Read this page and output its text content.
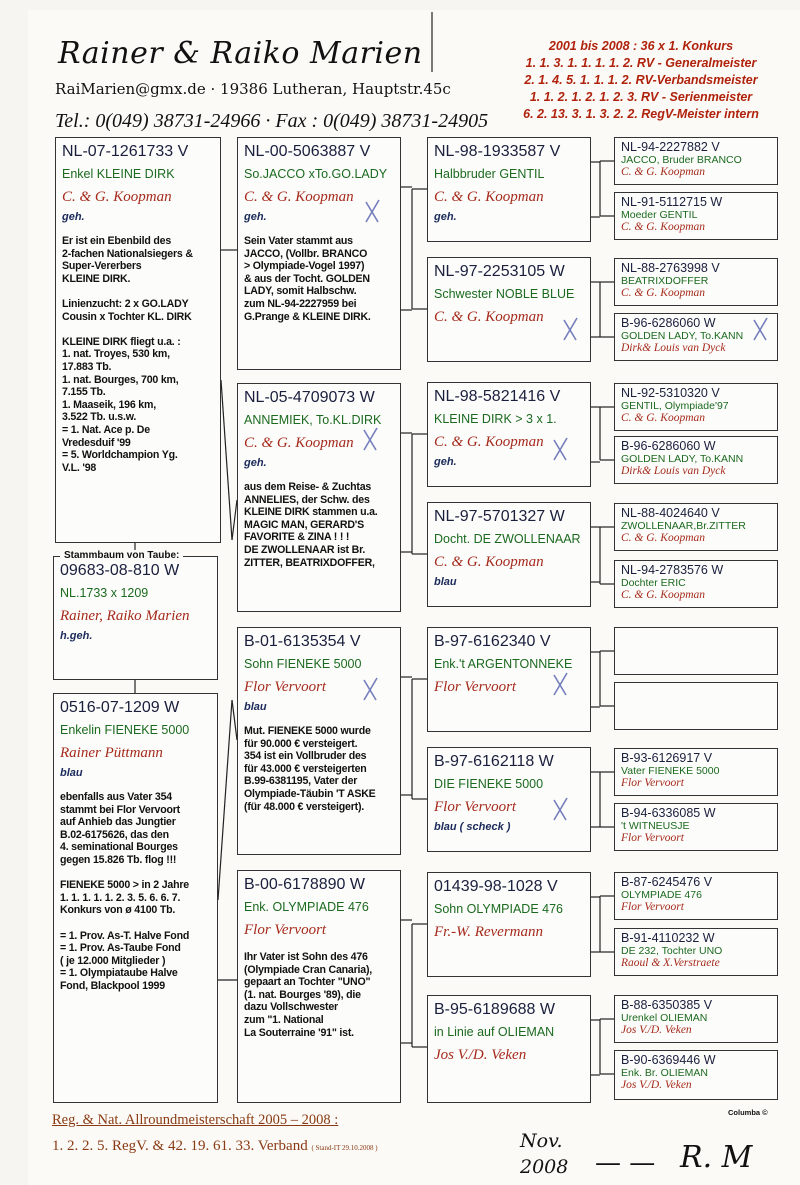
Rainer & Raiko Marien
RaiMarien@gmx.de · 19386 Lutheran, Hauptstr.45c
Tel.: 0(049) 38731-24966 · Fax : 0(049) 38731-24905
2001 bis 2008 : 36 x 1. Konkurs
1. 1. 3. 1. 1. 1. 1. 2. RV - Generalmeister
2. 1. 4. 5. 1. 1. 1. 2. RV-Verbandsmeister
1. 1. 2. 1. 2. 1. 2. 3. RV - Serienmeister
6. 2. 13. 3. 1. 3. 2. 2. RegV-Meister intern
NL-07-1261733 V
Enkel KLEINE DIRK
C. & G. Koopman
geh.
Er ist ein Ebenbild des
2-fachen Nationalsiegers &
Super-Vererbers
KLEINE DIRK.

Linienzucht: 2 x GO.LADY
Cousin x Tochter KL. DIRK

KLEINE DIRK fliegt u.a. :
1. nat. Troyes, 530 km,
17.883 Tb.
1. nat. Bourges, 700 km,
7.155 Tb.
1. Maaseik, 196 km,
3.522 Tb. u.s.w.
= 1. Nat. Ace p. De
Vredesduif '99
= 5. Worldchampion Yg.
V.L. '98
09683-08-810 W
NL.1733 x 1209
Rainer, Raiko Marien
h.geh.
0516-07-1209 W
Enkelin FIENEKE 5000
Rainer Püttmann
blau
ebenfalls aus Vater 354
stammt bei Flor Vervoort
auf Anhieb das Jungtier
B.02-6175626, das den
4. seminational Bourges
gegen 15.826 Tb. flog !!!

FIENEKE 5000 > in 2 Jahre
1. 1. 1. 1. 1. 2. 3. 5. 6. 6. 7.
Konkurs von ø 4100 Tb.

= 1. Prov. As-T. Halve Fond
= 1. Prov. As-Taube Fond
( je 12.000 Mitglieder )
= 1. Olympiataube Halve
Fond, Blackpool 1999
NL-00-5063887 V
So.JACCO xTo.GO.LADY
C. & G. Koopman
geh.
Sein Vater stammt aus
JACCO, (Vollbr. BRANCO
> Olympiade-Vogel 1997)
& aus der Tocht. GOLDEN
LADY, somit Halbschw.
zum NL-94-2227959 bei
G.Prange & KLEINE DIRK.
NL-05-4709073 W
ANNEMIEK, To.KL.DIRK
C. & G. Koopman
geh.
aus dem Reise- & Zuchtas
ANNELIES, der Schw. des
KLEINE DIRK stammen u.a.
MAGIC MAN, GERARD'S
FAVORITE & ZINA ! ! !
DE ZWOLLENAAR ist Br.
ZITTER, BEATRIXDOFFER,
B-01-6135354 V
Sohn FIENEKE 5000
Flor Vervoort
blau
Mut. FIENEKE 5000 wurde
für 90.000 € versteigert.
354 ist ein Vollbruder des
für 43.000 € versteigerten
B.99-6381195, Vater der
Olympiade-Täubin 'T ASKE
(für 48.000 € versteigert).
B-00-6178890 W
Enk. OLYMPIADE 476
Flor Vervoort
Ihr Vater ist Sohn des 476
(Olympiade Cran Canaria),
gepaart an Tochter "UNO"
(1. nat. Bourges '89), die
dazu Vollschwester
zum "1. National
La Souterraine '91" ist.
NL-98-1933587 V
Halbbruder GENTIL
C. & G. Koopman
geh.
NL-97-2253105 W
Schwester NOBLE BLUE
C. & G. Koopman
NL-98-5821416 V
KLEINE DIRK > 3 x 1.
C. & G. Koopman
geh.
NL-97-5701327 W
Docht. DE ZWOLLENAAR
C. & G. Koopman
blau
B-97-6162340 V
Enk.'t ARGENTONNEKE
Flor Vervoort
B-97-6162118 W
DIE FIENEKE 5000
Flor Vervoort
blau ( scheck )
01439-98-1028 V
Sohn OLYMPIADE 476
Fr.-W. Revermann
B-95-6189688 W
in Linie auf OLIEMAN
Jos V./D. Veken
NL-94-2227882 V
JACCO, Bruder BRANCO
C. & G. Koopman
NL-91-5112715 W
Moeder GENTIL
C. & G. Koopman
NL-88-2763998 V
BEATRIXDOFFER
C. & G. Koopman
B-96-6286060 W
GOLDEN LADY, To.KANN
Dirk& Louis van Dyck
NL-92-5310320 V
GENTIL, Olympiade'97
C. & G. Koopman
B-96-6286060 W
GOLDEN LADY, To.KANN
Dirk& Louis van Dyck
NL-88-4024640 V
ZWOLLENAAR,Br.ZITTER
C. & G. Koopman
NL-94-2783576 W
Dochter ERIC
C. & G. Koopman
B-93-6126917 V
Vater FIENEKE 5000
Flor Vervoort
B-94-6336085 W
't WITNEUSJE
Flor Vervoort
B-87-6245476 V
OLYMPIADE 476
Flor Vervoort
B-91-4110232 W
DE 232, Tochter UNO
Raoul & X.Verstraete
B-88-6350385 V
Urenkel OLIEMAN
Jos V./D. Veken
B-90-6369446 W
Enk. Br. OLIEMAN
Jos V./D. Veken
Stammbaum von Taube:
Reg. & Nat. Allroundmeisterschaft 2005 – 2008 :
1. 2. 2. 5. RegV. & 42. 19. 61. 33. Verband ( Stand-IT 29.10.2008 )
Columba ©
Nov. 2008	R. M
— —
